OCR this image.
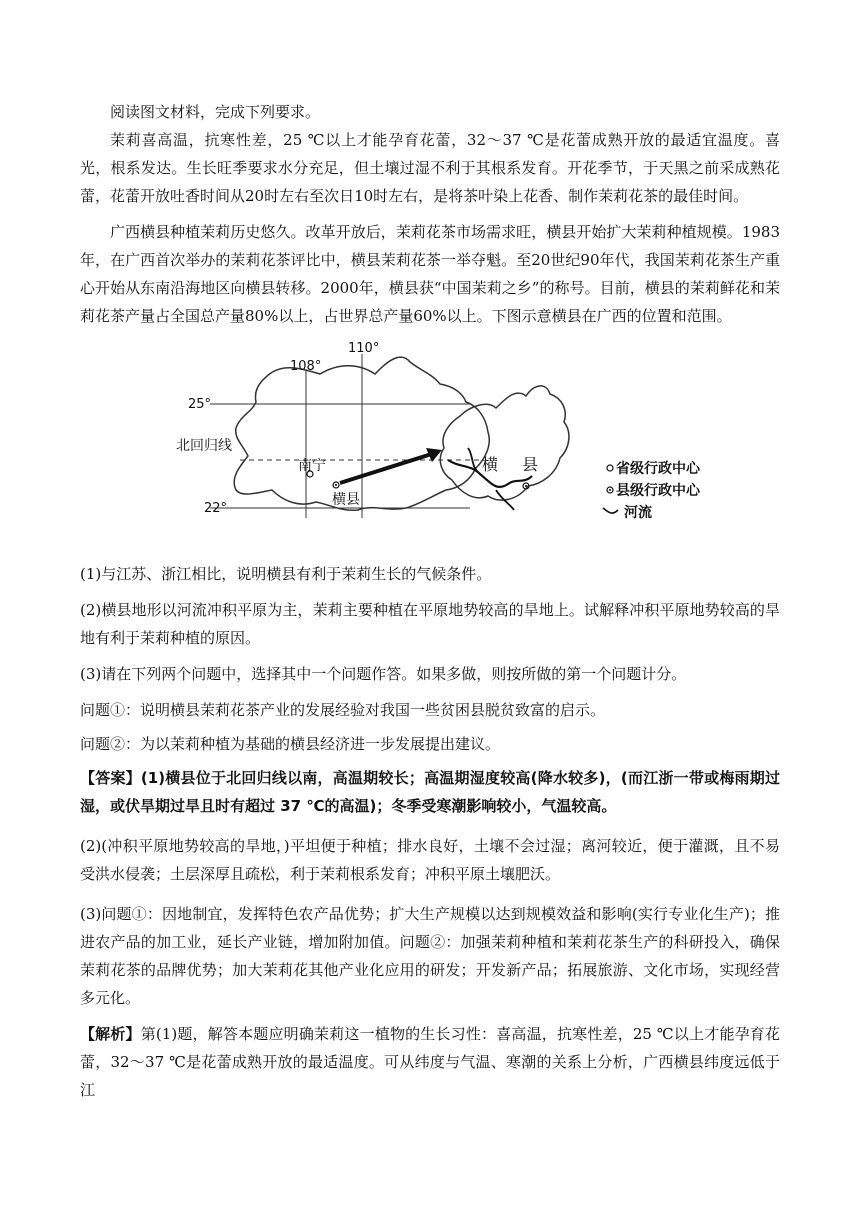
阅读图文材料，完成下列要求。

茉莉喜高温，抗寒性差，25 ℃以上才能孕育花蕾，32～37 ℃是花蕾成熟开放的最适宜温度。喜光，根系发达。生长旺季要求水分充足，但土壤过湿不利于其根系发育。开花季节，于天黑之前采成熟花蕾，花蕾开放吐香时间从20时左右至次日10时左右，是将茶叶染上花香、制作茉莉花茶的最佳时间。

广西横县种植茉莉历史悠久。改革开放后，茉莉花茶市场需求旺，横县开始扩大茉莉种植规模。1983年，在广西首次举办的茉莉花茶评比中，横县茉莉花茶一举夺魁。至20世纪90年代，我国茉莉花茶生产重心开始从东南沿海地区向横县转移。2000年，横县获“中国茉莉之乡”的称号。目前，横县的茉莉鲜花和茉莉花茶产量占全国总产量80%以上，占世界总产量60%以上。下图示意横县在广西的位置和范围。

110°
108°
25°
22°
北回归线
南宁
横县
横 县	省级行政中心
县级行政中心
河流

(1)与江苏、浙江相比，说明横县有利于茉莉生长的气候条件。

(2)横县地形以河流冲积平原为主，茉莉主要种植在平原地势较高的旱地上。试解释冲积平原地势较高的旱地有利于茉莉种植的原因。

(3)请在下列两个问题中，选择其中一个问题作答。如果多做，则按所做的第一个问题计分。

问题①：说明横县茉莉花茶产业的发展经验对我国一些贫困县脱贫致富的启示。

问题②：为以茉莉种植为基础的横县经济进一步发展提出建议。

【答案】(1)横县位于北回归线以南，高温期较长；高温期湿度较高(降水较多)，(而江浙一带或梅雨期过湿，或伏旱期过旱且时有超过 37 ℃的高温)；冬季受寒潮影响较小，气温较高。

(2)(冲积平原地势较高的旱地，)平坦便于种植；排水良好，土壤不会过湿；离河较近，便于灌溉，且不易受洪水侵袭；土层深厚且疏松，利于茉莉根系发育；冲积平原土壤肥沃。

(3)问题①：因地制宜，发挥特色农产品优势；扩大生产规模以达到规模效益和影响(实行专业化生产)；推进农产品的加工业，延长产业链，增加附加值。问题②：加强茉莉种植和茉莉花茶生产的科研投入，确保茉莉花茶的品牌优势；加大茉莉花其他产业化应用的研发；开发新产品；拓展旅游、文化市场，实现经营多元化。

【解析】第(1)题，解答本题应明确茉莉这一植物的生长习性：喜高温，抗寒性差，25 ℃以上才能孕育花蕾，32～37 ℃是花蕾成熟开放的最适温度。可从纬度与气温、寒潮的关系上分析，广西横县纬度远低于江
